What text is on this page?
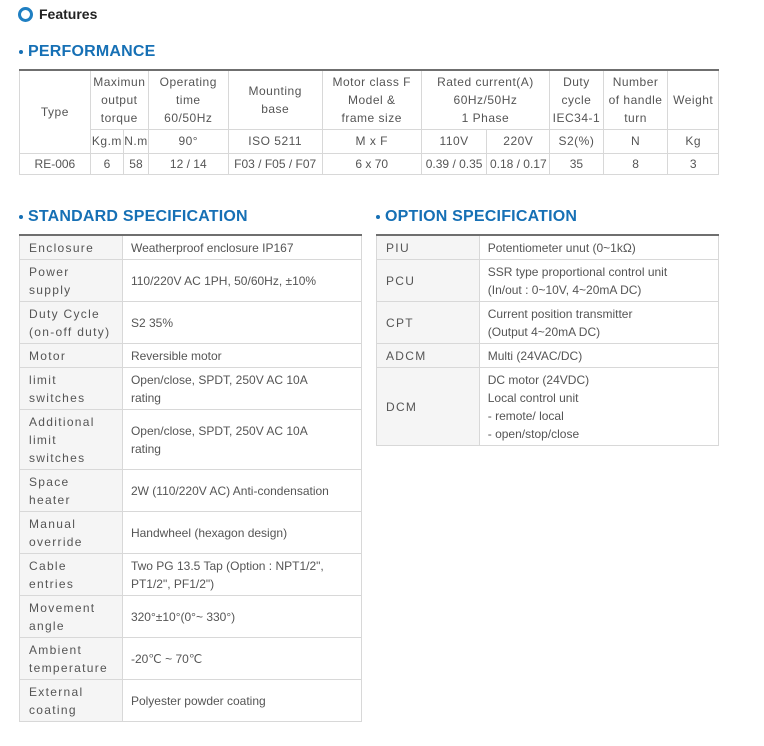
Features
PERFORMANCE
Type	Maximun
output
torque		Operating
time
60/50Hz	Mounting
base	Motor class F
Model &
frame size	Rated current(A)
60Hz/50Hz
1 Phase		Duty
cycle
IEC34-1	Number
of handle
turn	Weight
	Kg.m	N.m	90°	ISO 5211	M x F	110V	220V	S2(%)	N	Kg
RE-006	6	58	12 / 14	F03 / F05 / F07	6 x 70	0.39 / 0.35	0.18 / 0.17	35	8	3
STANDARD SPECIFICATION	OPTION SPECIFICATION
Enclosure	Weatherproof enclosure IP167
Power
supply	110/220V AC 1PH, 50/60Hz, ±10%
Duty Cycle
(on-off duty)	S2 35%
Motor	Reversible motor
limit
switches	Open/close, SPDT, 250V AC 10A
rating
Additional
limit
switches	Open/close, SPDT, 250V AC 10A
rating
Space
heater	2W (110/220V AC) Anti-condensation
Manual
override	Handwheel (hexagon design)
Cable
entries	Two PG 13.5 Tap (Option : NPT1/2",
PT1/2", PF1/2")
Movement
angle	320°±10°(0°~ 330°)
Ambient
temperature	-20℃ ~ 70℃
External
coating	Polyester powder coating
PIU	Potentiometer unut (0~1kΩ)
PCU	SSR type proportional control unit
(In/out : 0~10V, 4~20mA DC)
CPT	Current position transmitter
(Output 4~20mA DC)
ADCM	Multi (24VAC/DC)
DCM	DC motor (24VDC)
Local control unit
- remote/ local
- open/stop/close
